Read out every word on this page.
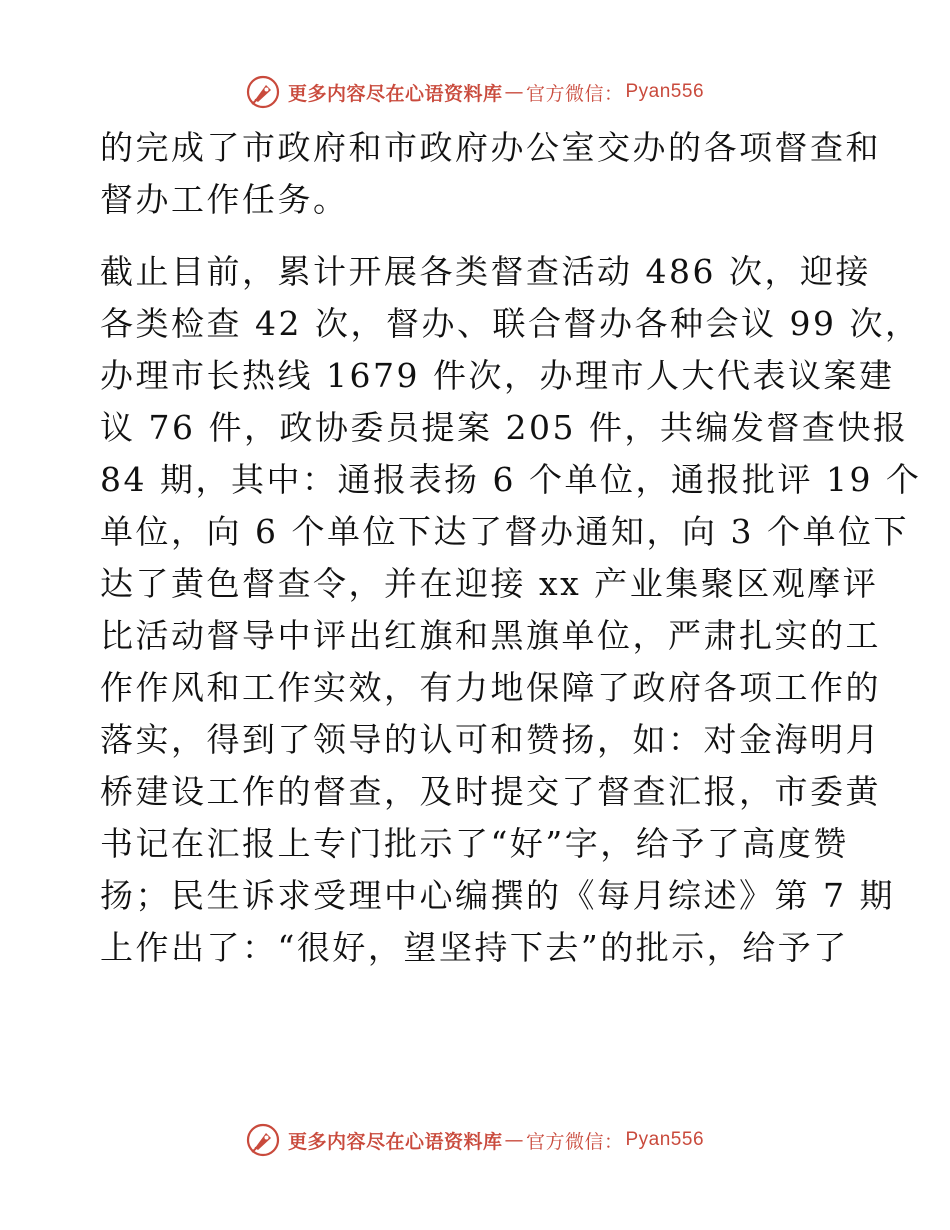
更多内容尽在心语资料库 — 官方微信： Pyan556
的完成了市政府和市政府办公室交办的各项督查和
督办工作任务。
截止目前，累计开展各类督查活动 486 次，迎接
各类检查 42 次，督办、联合督办各种会议 99 次，
办理市长热线 1679 件次，办理市人大代表议案建
议 76 件，政协委员提案 205 件，共编发督查快报
84 期，其中：通报表扬 6 个单位，通报批评 19 个
单位，向 6 个单位下达了督办通知，向 3 个单位下
达了黄色督查令，并在迎接 xx 产业集聚区观摩评
比活动督导中评出红旗和黑旗单位，严肃扎实的工
作作风和工作实效，有力地保障了政府各项工作的
落实，得到了领导的认可和赞扬，如：对金海明月
桥建设工作的督查，及时提交了督查汇报，市委黄
书记在汇报上专门批示了“好”字，给予了高度赞
扬；民生诉求受理中心编撰的《每月综述》第 7 期
上作出了：“很好，望坚持下去”的批示，给予了
更多内容尽在心语资料库 — 官方微信： Pyan556
